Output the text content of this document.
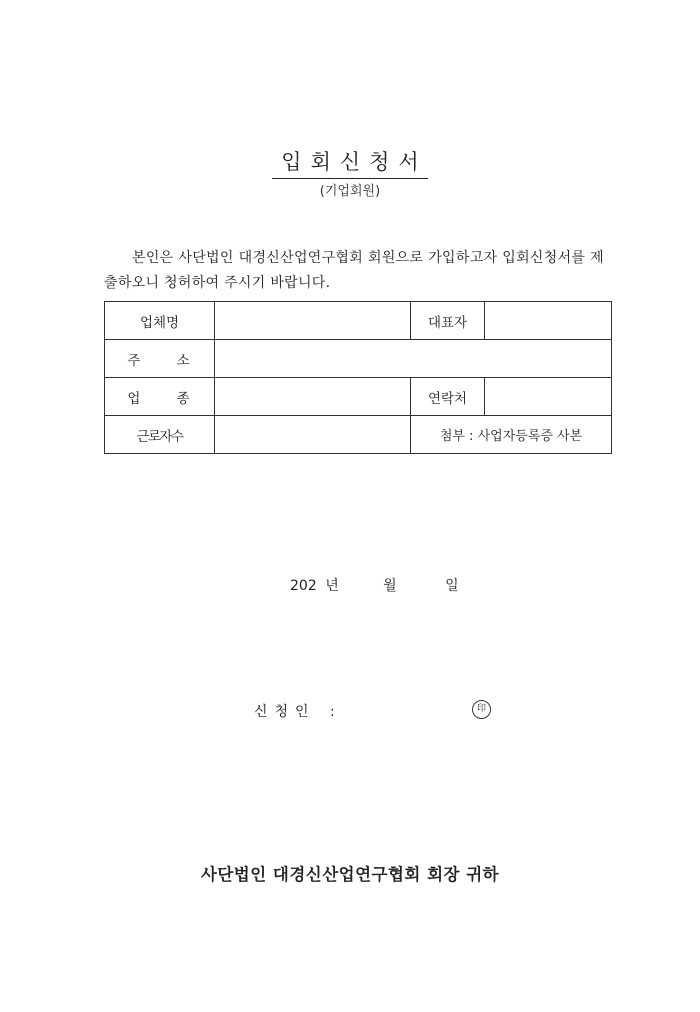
입회신청서
(기업회원)
본인은 사단법인 대경신산업연구협회 회원으로 가입하고자 입회신청서를 제출하오니 청허하여 주시기 바랍니다.
업체명		대표자	
주 소			
업 종		연락처	
근로자수		첨부 : 사업자등록증 사본	
202 년	월	일
신청인 :	印
사단법인 대경신산업연구협회 회장 귀하
